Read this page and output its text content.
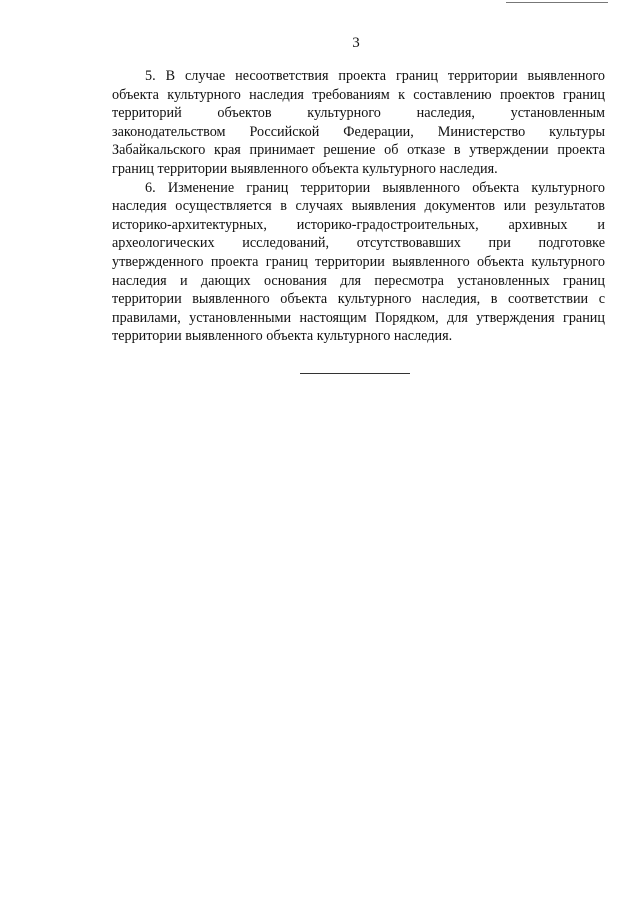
3
5. В случае несоответствия проекта границ территории выявленного
объекта культурного наследия требованиям к составлению проектов границ
территорий объектов культурного наследия, установленным
законодательством Российской Федерации, Министерство культуры
Забайкальского края принимает решение об отказе в утверждении проекта
границ территории выявленного объекта культурного наследия.
6. Изменение границ территории выявленного объекта культурного
наследия осуществляется в случаях выявления документов или результатов
историко-архитектурных, историко-градостроительных, архивных и
археологических исследований, отсутствовавших при подготовке
утвержденного проекта границ территории выявленного объекта культурного
наследия и дающих основания для пересмотра установленных границ
территории выявленного объекта культурного наследия, в соответствии с
правилами, установленными настоящим Порядком, для утверждения границ
территории выявленного объекта культурного наследия.
